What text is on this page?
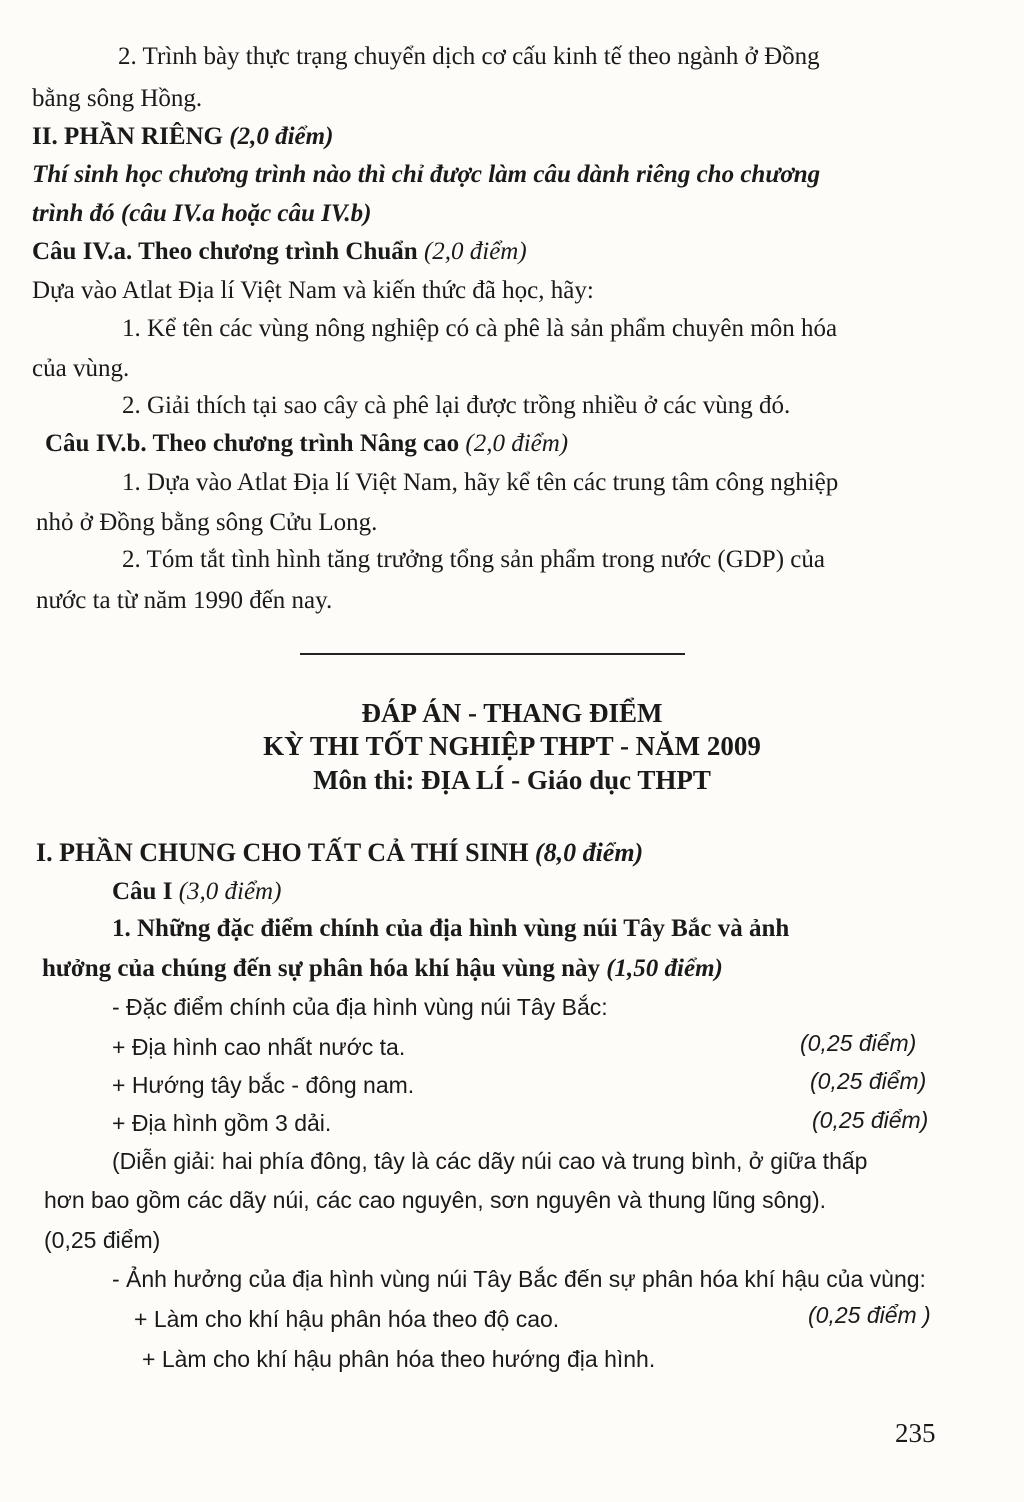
2. Trình bày thực trạng chuyển dịch cơ cấu kinh tế theo ngành ở Đồng
bằng sông Hồng.
II. PHẦN RIÊNG (2,0 điểm)
Thí sinh học chương trình nào thì chỉ được làm câu dành riêng cho chương
trình đó (câu IV.a hoặc câu IV.b)
Câu IV.a. Theo chương trình Chuẩn (2,0 điểm)
Dựa vào Atlat Địa lí Việt Nam và kiến thức đã học, hãy:
1. Kể tên các vùng nông nghiệp có cà phê là sản phẩm chuyên môn hóa
của vùng.
2. Giải thích tại sao cây cà phê lại được trồng nhiều ở các vùng đó.
Câu IV.b. Theo chương trình Nâng cao (2,0 điểm)
1. Dựa vào Atlat Địa lí Việt Nam, hãy kể tên các trung tâm công nghiệp
nhỏ ở Đồng bằng sông Cửu Long.
2. Tóm tắt tình hình tăng trưởng tổng sản phẩm trong nước (GDP) của
nước ta từ năm 1990 đến nay.
ĐÁP ÁN - THANG ĐIỂM
KỲ THI TỐT NGHIỆP THPT - NĂM 2009
Môn thi: ĐỊA LÍ - Giáo dục THPT
I. PHẦN CHUNG CHO TẤT CẢ THÍ SINH (8,0 điểm)
Câu I (3,0 điểm)
1. Những đặc điểm chính của địa hình vùng núi Tây Bắc và ảnh
hưởng của chúng đến sự phân hóa khí hậu vùng này (1,50 điểm)
- Đặc điểm chính của địa hình vùng núi Tây Bắc:
+ Địa hình cao nhất nước ta.	(0,25 điểm)
+ Hướng tây bắc - đông nam.	(0,25 điểm)
+ Địa hình gồm 3 dải.	(0,25 điểm)
(Diễn giải: hai phía đông, tây là các dãy núi cao và trung bình, ở giữa thấp
hơn bao gồm các dãy núi, các cao nguyên, sơn nguyên và thung lũng sông).
(0,25 điểm)
- Ảnh hưởng của địa hình vùng núi Tây Bắc đến sự phân hóa khí hậu của vùng:
+ Làm cho khí hậu phân hóa theo độ cao.	(0,25 điểm )
+ Làm cho khí hậu phân hóa theo hướng địa hình.
235
